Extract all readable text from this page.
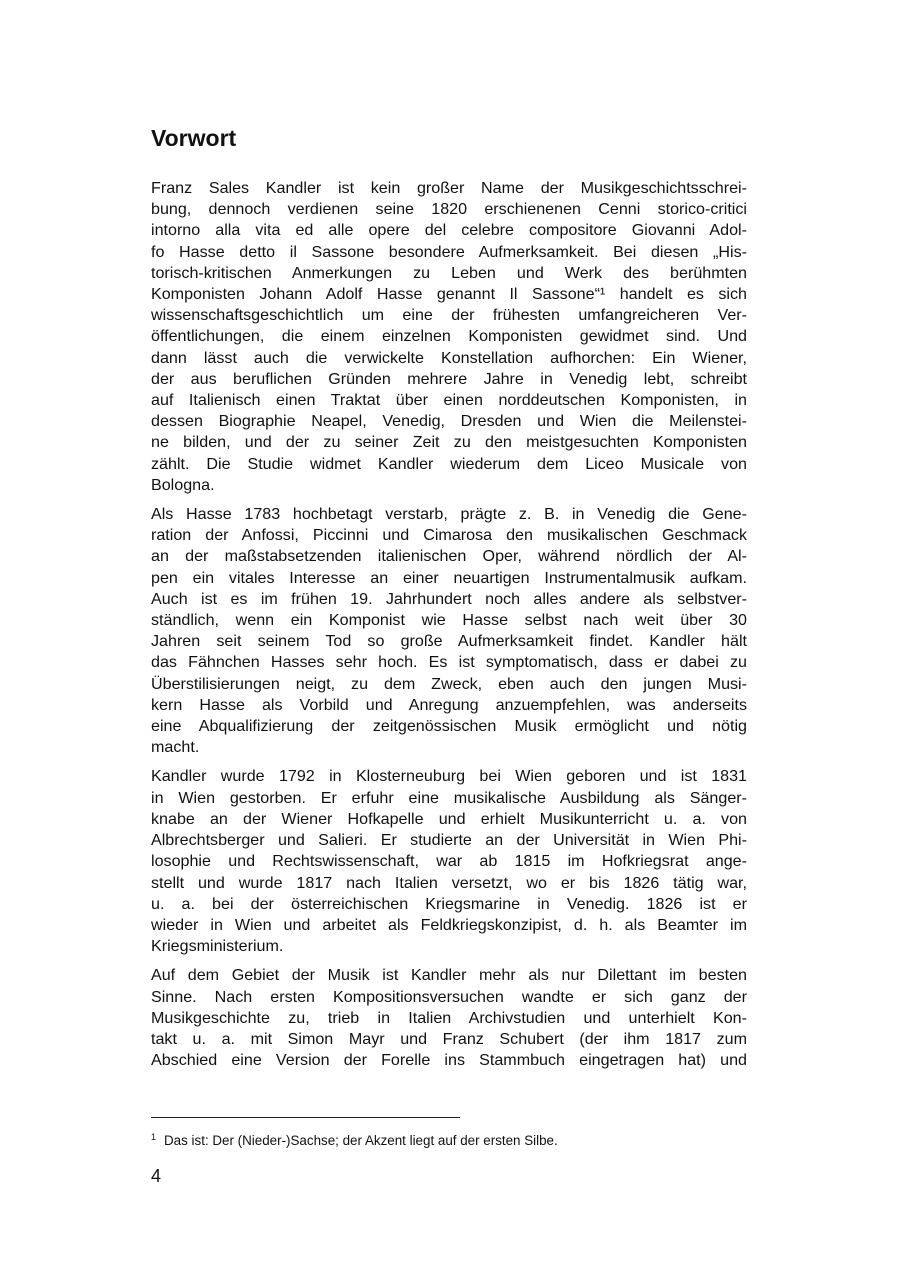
Vorwort

Franz Sales Kandler ist kein großer Name der Musikgeschichtsschrei-
bung, dennoch verdienen seine 1820 erschienenen Cenni storico-critici
intorno alla vita ed alle opere del celebre compositore Giovanni Adol-
fo Hasse detto il Sassone besondere Aufmerksamkeit. Bei diesen „His-
torisch-kritischen Anmerkungen zu Leben und Werk des berühmten
Komponisten Johann Adolf Hasse genannt Il Sassone“¹ handelt es sich
wissenschaftsgeschichtlich um eine der frühesten umfangreicheren Ver-
öffentlichungen, die einem einzelnen Komponisten gewidmet sind. Und
dann lässt auch die verwickelte Konstellation aufhorchen: Ein Wiener,
der aus beruflichen Gründen mehrere Jahre in Venedig lebt, schreibt
auf Italienisch einen Traktat über einen norddeutschen Komponisten, in
dessen Biographie Neapel, Venedig, Dresden und Wien die Meilenstei-
ne bilden, und der zu seiner Zeit zu den meistgesuchten Komponisten
zählt. Die Studie widmet Kandler wiederum dem Liceo Musicale von
Bologna.

Als Hasse 1783 hochbetagt verstarb, prägte z. B. in Venedig die Gene-
ration der Anfossi, Piccinni und Cimarosa den musikalischen Geschmack
an der maßstabsetzenden italienischen Oper, während nördlich der Al-
pen ein vitales Interesse an einer neuartigen Instrumentalmusik aufkam.
Auch ist es im frühen 19. Jahrhundert noch alles andere als selbstver-
ständlich, wenn ein Komponist wie Hasse selbst nach weit über 30
Jahren seit seinem Tod so große Aufmerksamkeit findet. Kandler hält
das Fähnchen Hasses sehr hoch. Es ist symptomatisch, dass er dabei zu
Überstilisierungen neigt, zu dem Zweck, eben auch den jungen Musi-
kern Hasse als Vorbild und Anregung anzuempfehlen, was anderseits
eine Abqualifizierung der zeitgenössischen Musik ermöglicht und nötig
macht.

Kandler wurde 1792 in Klosterneuburg bei Wien geboren und ist 1831
in Wien gestorben. Er erfuhr eine musikalische Ausbildung als Sänger-
knabe an der Wiener Hofkapelle und erhielt Musikunterricht u. a. von
Albrechtsberger und Salieri. Er studierte an der Universität in Wien Phi-
losophie und Rechtswissenschaft, war ab 1815 im Hofkriegsrat ange-
stellt und wurde 1817 nach Italien versetzt, wo er bis 1826 tätig war,
u. a. bei der österreichischen Kriegsmarine in Venedig. 1826 ist er
wieder in Wien und arbeitet als Feldkriegskonzipist, d. h. als Beamter im
Kriegsministerium.

Auf dem Gebiet der Musik ist Kandler mehr als nur Dilettant im besten
Sinne. Nach ersten Kompositionsversuchen wandte er sich ganz der
Musikgeschichte zu, trieb in Italien Archivstudien und unterhielt Kon-
takt u. a. mit Simon Mayr und Franz Schubert (der ihm 1817 zum
Abschied eine Version der Forelle ins Stammbuch eingetragen hat) und

$^1$ Das ist: Der (Nieder-)Sachse; der Akzent liegt auf der ersten Silbe.
4
